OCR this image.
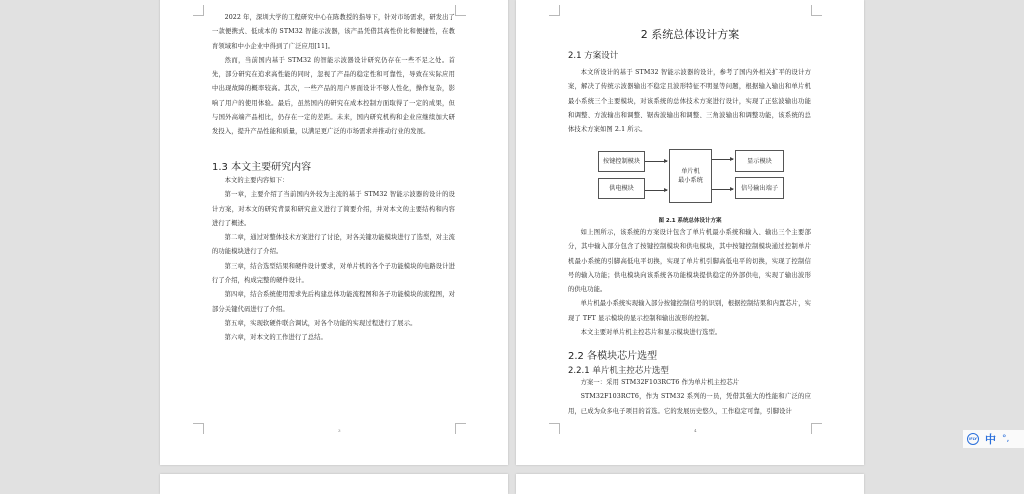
2022 年，深圳大学的工程研究中心在陈教授的指导下，针对市场需求，研发出了一款便携式、低成本的 STM32 智能示波器，该产品凭借其高性价比和便捷性，在教育领域和中小企业中得到了广泛应用[11]。

然而，当前国内基于 STM32 的智能示波器设计研究仍存在一些不足之处。首先，部分研究在追求高性能的同时，忽视了产品的稳定性和可靠性，导致在实际应用中出现故障的概率较高。其次，一些产品的用户界面设计不够人性化，操作复杂，影响了用户的使用体验。最后，虽然国内的研究在成本控制方面取得了一定的成果，但与国外高端产品相比，仍存在一定的差距。未来，国内研究机构和企业应继续加大研发投入，提升产品性能和质量，以满足更广泛的市场需求并推动行业的发展。

1.3 本文主要研究内容

本文的主要内容如下：

第一章，主要介绍了当前国内外较为主流的基于 STM32 智能示波器的设计的设计方案，对本文的研究背景和研究意义进行了简要介绍，并对本文的主要结构和内容进行了概述。

第二章，通过对整体技术方案进行了讨论，对各关键功能模块进行了选型，对主流的功能模块进行了介绍。

第三章，结合选型结果和硬件设计要求，对单片机的各个子功能模块的电路设计进行了介绍，构成完整的硬件设计。

第四章，结合系统使用需求先后构建总体功能流程图和各子功能模块的流程图，对部分关键代码进行了介绍。

第五章，实现软硬件联合调试，对各个功能的实现过程进行了展示。

第六章，对本文的工作进行了总结。

3
2 系统总体设计方案
2.1 方案设计

本文所设计的基于 STM32 智能示波器的设计，参考了国内外相关扩平的设计方案，解决了传统示波器输出不稳定且波形特征不明显等问题，根据输入输出和单片机最小系统三个主要模块，对该系统的总体技术方案进行设计，实现了正弦波输出功能和调整、方波输出和调整、锯齿波输出和调整、三角波输出和调整功能，该系统的总体技术方案如图 2.1 所示。

按键控制模块
供电模块
单片机
最小系统
显示模块
信号输出端子
图 2.1 系统总体设计方案

如上图所示，该系统的方案设计包含了单片机最小系统和输入、输出三个主要部分，其中输入部分包含了按键控制模块和供电模块，其中按键控制模块通过控制单片机最小系统的引脚高低电平切换，实现了单片机引脚高低电平的切换，实现了控制信号的输入功能；供电模块向该系统各功能模块提供稳定的外部供电，实现了输出波形的供电功能。

单片机最小系统实现输入部分按键控制信号的识别，根据控制结果和内置芯片，实现了 TFT 显示模块的显示控制和输出波形的控制。

本文主要对单片机主控芯片和显示模块进行选型。

2.2 各模块芯片选型
2.2.1 单片机主控芯片选型

方案一：采用 STM32F103RCT6 作为单片机主控芯片

STM32F103RCT6，作为 STM32 系列的一员，凭借其强大的性能和广泛的应用，已成为众多电子项目的首选。它的发展历史悠久，工作稳定可靠，引脚设计

4
iFLY 中 °,
